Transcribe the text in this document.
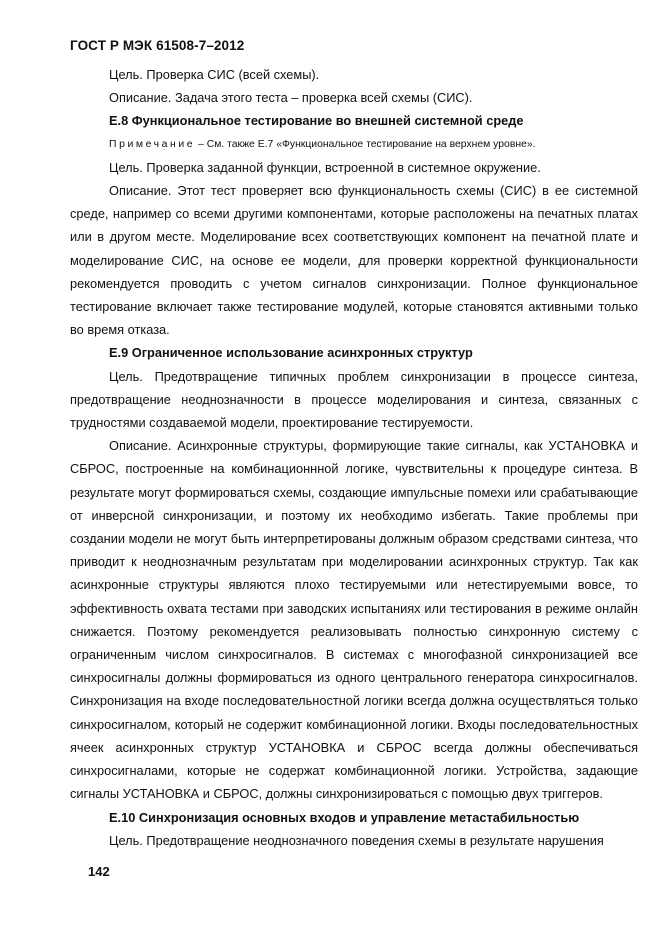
ГОСТ Р МЭК 61508-7–2012

Цель. Проверка СИС (всей схемы).

Описание. Задача этого теста – проверка всей схемы (СИС).

Е.8 Функциональное тестирование во внешней системной среде

Примечание – См. также Е.7 «Функциональное тестирование на верхнем уровне».

Цель. Проверка заданной функции, встроенной в системное окружение.

Описание. Этот тест проверяет всю функциональность схемы (СИС) в ее системной среде, например со всеми другими компонентами, которые расположены на печатных платах или в другом месте. Моделирование всех соответствующих компонент на печатной плате и моделирование СИС, на основе ее модели, для проверки корректной функциональности рекомендуется проводить с учетом сигналов синхронизации. Полное функциональное тестирование включает также тестирование модулей, которые становятся активными только во время отказа.

Е.9 Ограниченное использование асинхронных структур

Цель. Предотвращение типичных проблем синхронизации в процессе синтеза, предотвращение неоднозначности в процессе моделирования и синтеза, связанных с трудностями создаваемой модели, проектирование тестируемости.

Описание. Асинхронные структуры, формирующие такие сигналы, как УСТАНОВКА и СБРОС, построенные на комбинационнной логике, чувствительны к процедуре синтеза. В результате могут формироваться схемы, создающие импульсные помехи или срабатывающие от инверсной синхронизации, и поэтому их необходимо избегать. Такие проблемы при создании модели не могут быть интерпретированы должным образом средствами синтеза, что приводит к неоднозначным результатам при моделировании асинхронных структур. Так как асинхронные структуры являются плохо тестируемыми или нетестируемыми вовсе, то эффективность охвата тестами при заводских испытаниях или тестирования в режиме онлайн снижается. Поэтому рекомендуется реализовывать полностью синхронную систему с ограниченным числом синхросигналов. В системах с многофазной синхронизацией все синхросигналы должны формироваться из одного центрального генератора синхросигналов. Синхронизация на входе последовательностной логики всегда должна осуществляться только синхросигналом, который не содержит комбинационной логики. Входы последовательностных ячеек асинхронных структур УСТАНОВКА и СБРОС всегда должны обеспечиваться синхросигналами, которые не содержат комбинационной логики. Устройства, задающие сигналы УСТАНОВКА и СБРОС, должны синхронизироваться с помощью двух триггеров.

Е.10 Синхронизация основных входов и управление метастабильностью

Цель. Предотвращение неоднозначного поведения схемы в результате нарушения

142
